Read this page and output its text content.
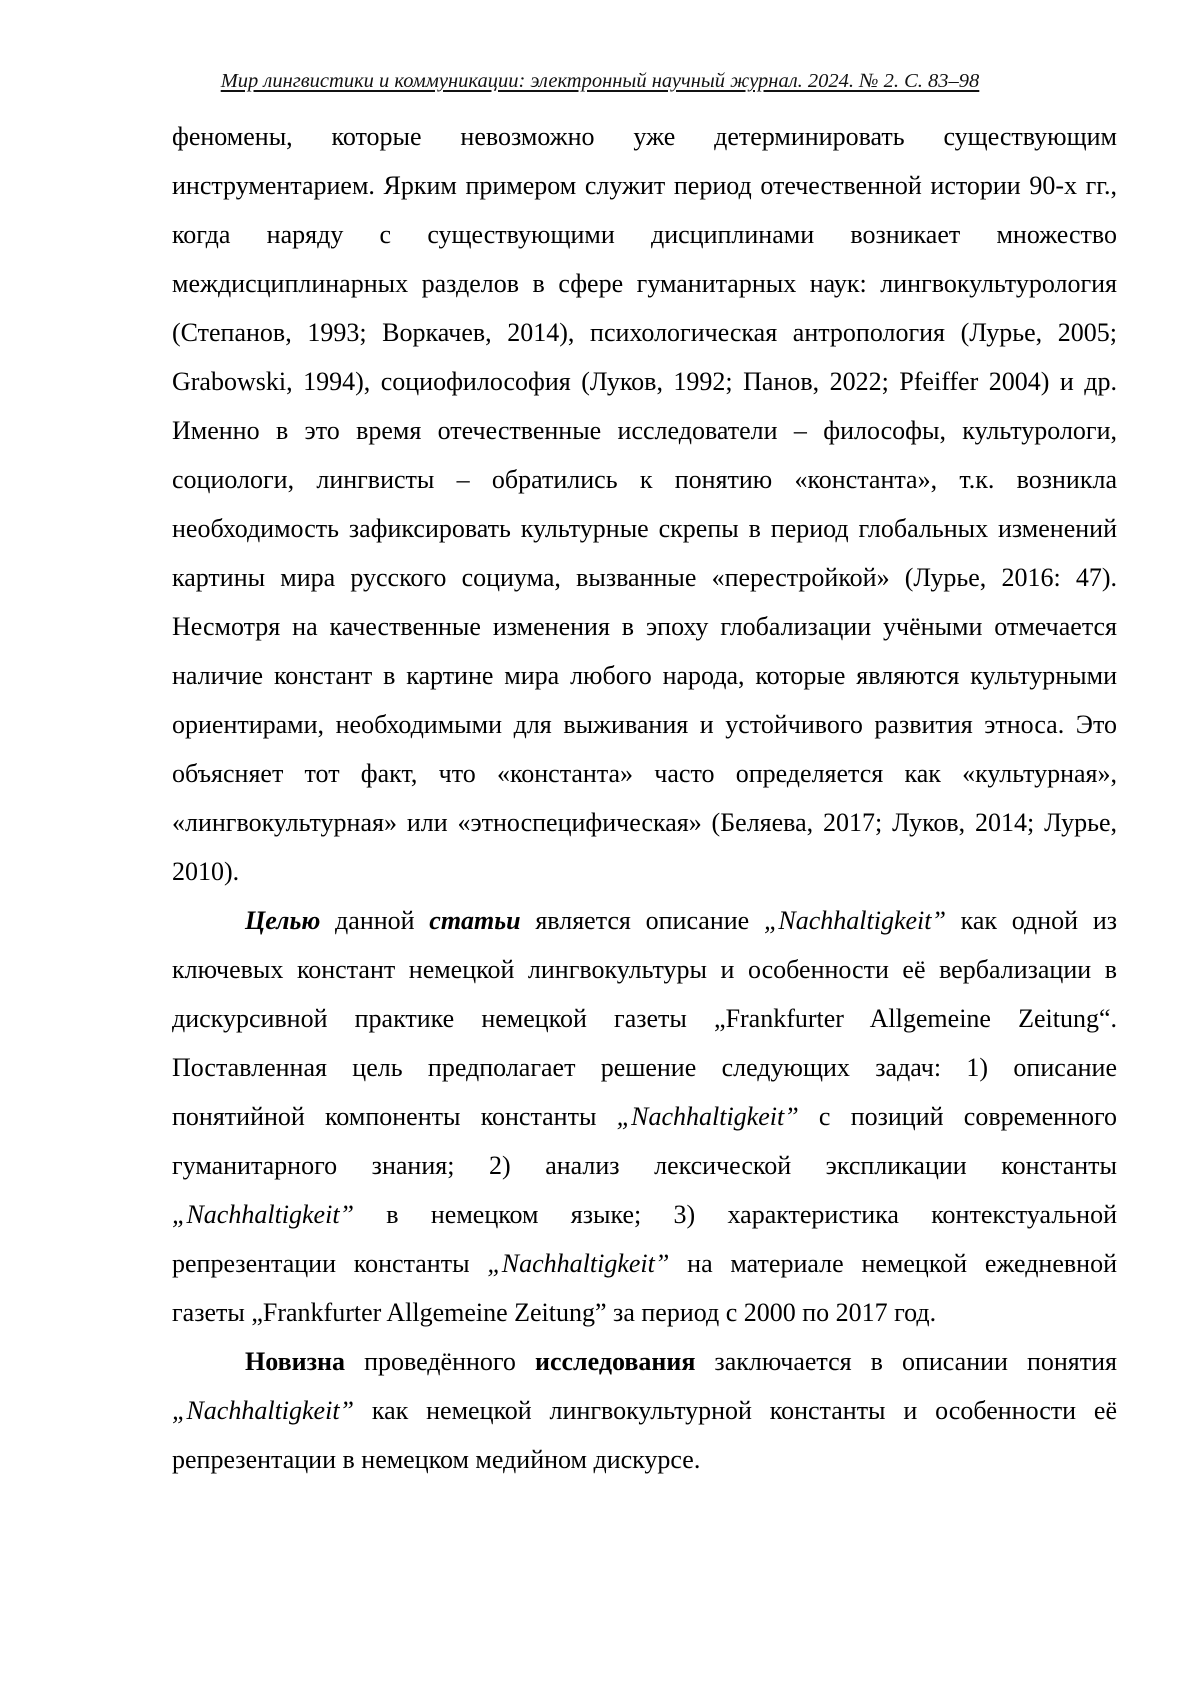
Мир лингвистики и коммуникации: электронный научный журнал. 2024. № 2. С. 83–98

феномены, которые невозможно уже детерминировать существующим инструментарием. Ярким примером служит период отечественной истории 90-х гг., когда наряду с существующими дисциплинами возникает множество междисциплинарных разделов в сфере гуманитарных наук: лингвокультурология (Степанов, 1993; Воркачев, 2014), психологическая антропология (Лурье, 2005; Grabowski, 1994), социофилософия (Луков, 1992; Панов, 2022; Pfeiffer 2004) и др. Именно в это время отечественные исследователи – философы, культурологи, социологи, лингвисты – обратились к понятию «константа», т.к. возникла необходимость зафиксировать культурные скрепы в период глобальных изменений картины мира русского социума, вызванные «перестройкой» (Лурье, 2016: 47). Несмотря на качественные изменения в эпоху глобализации учёными отмечается наличие констант в картине мира любого народа, которые являются культурными ориентирами, необходимыми для выживания и устойчивого развития этноса. Это объясняет тот факт, что «константа» часто определяется как «культурная», «лингвокультурная» или «этноспецифическая» (Беляева, 2017; Луков, 2014; Лурье, 2010).

Целью данной статьи является описание „Nachhaltigkeit” как одной из ключевых констант немецкой лингвокультуры и особенности её вербализации в дискурсивной практике немецкой газеты „Frankfurter Allgemeine Zeitung“. Поставленная цель предполагает решение следующих задач: 1) описание понятийной компоненты константы „Nachhaltigkeit” с позиций современного гуманитарного знания; 2) анализ лексической экспликации константы „Nachhaltigkeit” в немецком языке; 3) характеристика контекстуальной репрезентации константы „Nachhaltigkeit” на материале немецкой ежедневной газеты „Frankfurter Allgemeine Zeitung” за период с 2000 по 2017 год.

Новизна проведённого исследования заключается в описании понятия „Nachhaltigkeit” как немецкой лингвокультурной константы и особенности её репрезентации в немецком медийном дискурсе.
